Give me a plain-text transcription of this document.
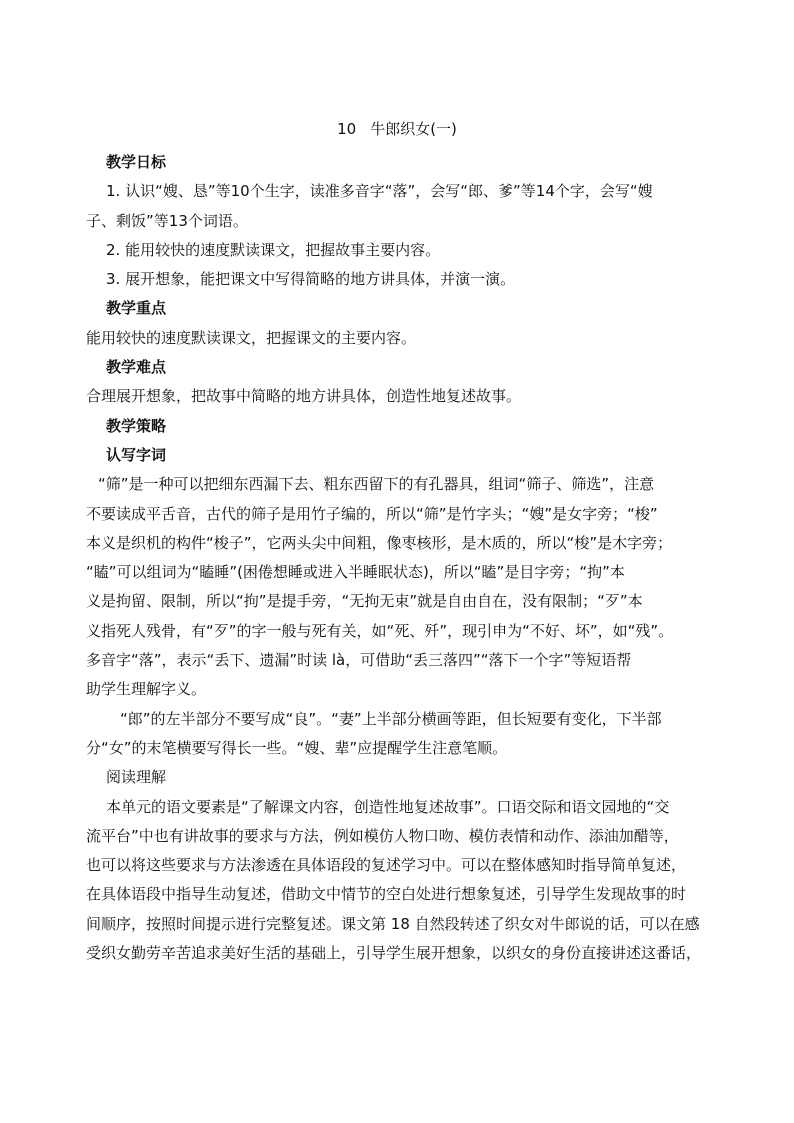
10 牛郎织女(一)

教学日标

1. 认识“嫂、恳”等10个生字，读准多音字“落”，会写“郎、爹”等14个字，会写“嫂

子、剩饭”等13个词语。

2. 能用较快的速度默读课文，把握故事主要内容。

3. 展开想象，能把课文中写得简略的地方讲具体，并演一演。

教学重点

能用较快的速度默读课文，把握课文的主要内容。

教学难点

合理展开想象，把故事中简略的地方讲具体，创造性地复述故事。

教学策略

认写字词

“筛”是一种可以把细东西漏下去、粗东西留下的有孔器具，组词“筛子、筛选”，注意

不要读成平舌音，古代的筛子是用竹子编的，所以“筛”是竹字头；“嫂”是女字旁；“梭”

本义是织机的构件“梭子”，它两头尖中间粗，像枣核形，是木质的，所以“梭”是木字旁；

“瞌”可以组词为“瞌睡”(困倦想睡或进入半睡眠状态)，所以“瞌”是目字旁；“拘”本

义是拘留、限制，所以“拘”是提手旁，“无拘无束”就是自由自在，没有限制；“歹”本

义指死人残骨，有“歹”的字一般与死有关，如“死、歼”，现引申为“不好、坏”，如“残”。

多音字“落”，表示“丢下、遗漏”时读 là，可借助“丢三落四”“落下一个字”等短语帮

助学生理解字义。

“郎”的左半部分不要写成“良”。“妻”上半部分横画等距，但长短要有变化，下半部

分“女”的末笔横要写得长一些。“嫂、辈”应提醒学生注意笔顺。

阅读理解

本单元的语文要素是“了解课文内容，创造性地复述故事”。口语交际和语文园地的“交

流平台”中也有讲故事的要求与方法，例如模仿人物口吻、模仿表情和动作、添油加醋等，

也可以将这些要求与方法渗透在具体语段的复述学习中。可以在整体感知时指导简单复述，

在具体语段中指导生动复述，借助文中情节的空白处进行想象复述，引导学生发现故事的时

间顺序，按照时间提示进行完整复述。课文第 18 自然段转述了织女对牛郎说的话，可以在感

受织女勤劳辛苦追求美好生活的基础上，引导学生展开想象，以织女的身份直接讲述这番话，
